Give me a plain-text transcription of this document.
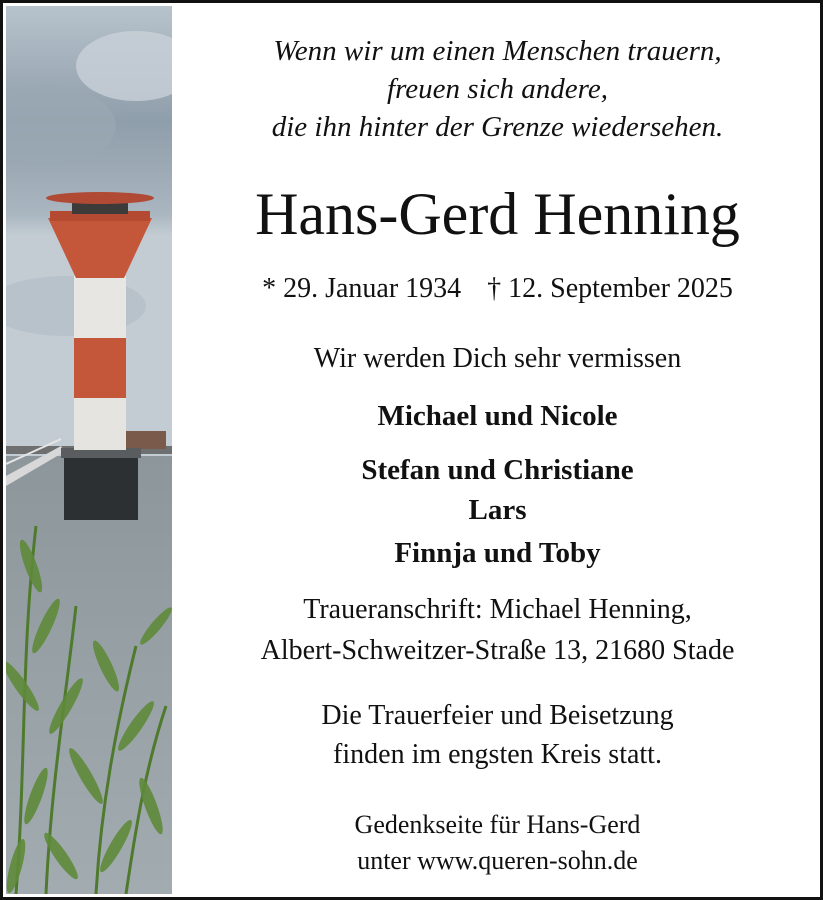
Wenn wir um einen Menschen trauern,
freuen sich andere,
die ihn hinter der Grenze wiedersehen.
Hans-Gerd Henning
* 29. Januar 1934 † 12. September 2025
Wir werden Dich sehr vermissen
Michael und Nicole
Stefan und Christiane
Lars
Finnja und Toby
Traueranschrift: Michael Henning,
Albert-Schweitzer-Straße 13, 21680 Stade
Die Trauerfeier und Beisetzung
finden im engsten Kreis statt.
Gedenkseite für Hans-Gerd
unter www.queren-sohn.de
